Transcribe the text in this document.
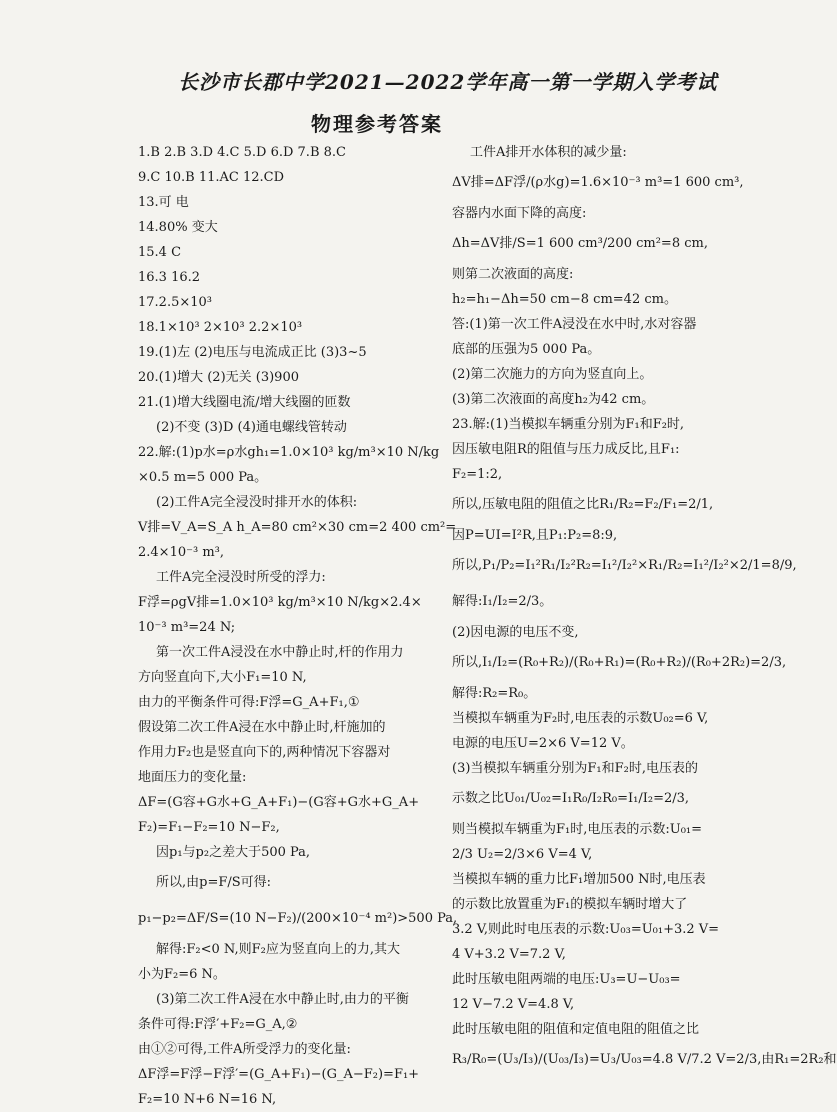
长沙市长郡中学2021—2022学年高一第一学期入学考试
物理参考答案
1.B 2.B 3.D 4.C 5.D 6.D 7.B 8.C
9.C 10.B 11.AC 12.CD
13.可 电
14.80% 变大
15.4 C
16.3 16.2
17.2.5×10³
18.1×10³ 2×10³ 2.2×10³
19.(1)左 (2)电压与电流成正比 (3)3~5
20.(1)增大 (2)无关 (3)900
21.(1)增大线圈电流/增大线圈的匝数
(2)不变 (3)D (4)通电螺线管转动
22.解:(1)p水=ρ水gh₁=1.0×10³ kg/m³×10 N/kg
×0.5 m=5 000 Pa。
(2)工件A完全浸没时排开水的体积:
V排=V_A=S_A h_A=80 cm²×30 cm=2 400 cm²=
2.4×10⁻³ m³,
工件A完全浸没时所受的浮力:
F浮=ρgV排=1.0×10³ kg/m³×10 N/kg×2.4×
10⁻³ m³=24 N;
第一次工件A浸没在水中静止时,杆的作用力
方向竖直向下,大小F₁=10 N,
由力的平衡条件可得:F浮=G_A+F₁,①
假设第二次工件A浸在水中静止时,杆施加的
作用力F₂也是竖直向下的,两种情况下容器对
地面压力的变化量:
ΔF=(G容+G水+G_A+F₁)−(G容+G水+G_A+
F₂)=F₁−F₂=10 N−F₂,
因p₁与p₂之差大于500 Pa,
所以,由p=F/S可得:
p₁−p₂=ΔF/S=(10 N−F₂)/(200×10⁻⁴ m²)>500 Pa,
解得:F₂<0 N,则F₂应为竖直向上的力,其大
小为F₂=6 N。
(3)第二次工件A浸在水中静止时,由力的平衡
条件可得:F浮′+F₂=G_A,②
由①②可得,工件A所受浮力的变化量:
ΔF浮=F浮−F浮′=(G_A+F₁)−(G_A−F₂)=F₁+
F₂=10 N+6 N=16 N,
工件A排开水体积的减少量:
ΔV排=ΔF浮/(ρ水g)=1.6×10⁻³ m³=1 600 cm³,
容器内水面下降的高度:
Δh=ΔV排/S=1 600 cm³/200 cm²=8 cm,
则第二次液面的高度:
h₂=h₁−Δh=50 cm−8 cm=42 cm。
答:(1)第一次工件A浸没在水中时,水对容器
底部的压强为5 000 Pa。
(2)第二次施力的方向为竖直向上。
(3)第二次液面的高度h₂为42 cm。
23.解:(1)当模拟车辆重分别为F₁和F₂时,
因压敏电阻R的阻值与压力成反比,且F₁:
F₂=1:2,
所以,压敏电阻的阻值之比R₁/R₂=F₂/F₁=2/1,
因P=UI=I²R,且P₁:P₂=8:9,
所以,P₁/P₂=I₁²R₁/I₂²R₂=I₁²/I₂²×R₁/R₂=I₁²/I₂²×2/1=8/9,
解得:I₁/I₂=2/3。
(2)因电源的电压不变,
所以,I₁/I₂=(R₀+R₂)/(R₀+R₁)=(R₀+R₂)/(R₀+2R₂)=2/3,
解得:R₂=R₀。
当模拟车辆重为F₂时,电压表的示数U₀₂=6 V,
电源的电压U=2×6 V=12 V。
(3)当模拟车辆重分别为F₁和F₂时,电压表的
示数之比U₀₁/U₀₂=I₁R₀/I₂R₀=I₁/I₂=2/3,
则当模拟车辆重为F₁时,电压表的示数:U₀₁=
2/3 U₂=2/3×6 V=4 V,
当模拟车辆的重力比F₁增加500 N时,电压表
的示数比放置重为F₁的模拟车辆时增大了
3.2 V,则此时电压表的示数:U₀₃=U₀₁+3.2 V=
4 V+3.2 V=7.2 V,
此时压敏电阻两端的电压:U₃=U−U₀₃=
12 V−7.2 V=4.8 V,
此时压敏电阻的阻值和定值电阻的阻值之比
R₃/R₀=(U₃/I₃)/(U₀₃/I₃)=U₃/U₀₃=4.8 V/7.2 V=2/3,由R₁=2R₂和
